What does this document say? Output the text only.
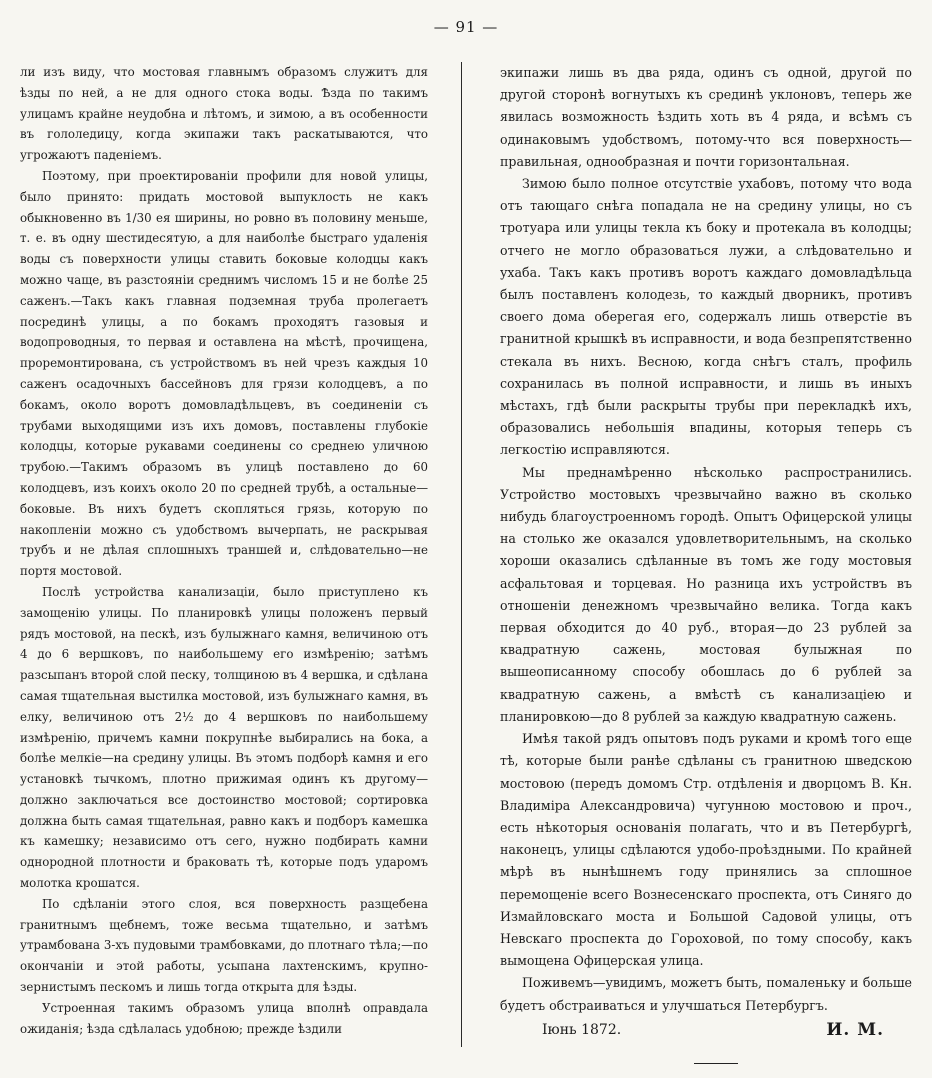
— 91 —

ли изъ виду, что мостовая главнымъ образомъ служитъ для ѣзды по ней, а не для одного стока воды. Ѣзда по такимъ улицамъ крайне неудобна и лѣтомъ, и зимою, а въ особенности въ гололедицу, когда экипажи такъ раскатываются, что угрожаютъ паденіемъ.

Поэтому, при проектированіи профили для новой улицы, было принято: придать мостовой выпуклость не какъ обыкновенно въ 1/30 ея ширины, но ровно въ половину меньше, т. е. въ одну шестидесятую, а для наиболѣе быстраго удаленія воды съ поверхности улицы ставить боковые колодцы какъ можно чаще, въ разстояніи среднимъ числомъ 15 и не болѣе 25 саженъ.—Такъ какъ главная подземная труба пролегаетъ посрединѣ улицы, а по бокамъ проходятъ газовыя и водопроводныя, то первая и оставлена на мѣстѣ, прочищена, проремонтирована, съ устройствомъ въ ней чрезъ каждыя 10 саженъ осадочныхъ бассейновъ для грязи колодцевъ, а по бокамъ, около воротъ домовладѣльцевъ, въ соединеніи съ трубами выходящими изъ ихъ домовъ, поставлены глубокіе колодцы, которые рукавами соединены со среднею уличною трубою.—Такимъ образомъ въ улицѣ поставлено до 60 колодцевъ, изъ коихъ около 20 по средней трубѣ, а остальные—боковые. Въ нихъ будетъ скопляться грязь, которую по накопленіи можно съ удобствомъ вычерпать, не раскрывая трубъ и не дѣлая сплошныхъ траншей и, слѣдовательно—не портя мостовой.

Послѣ устройства канализаціи, было приступлено къ замощенію улицы. По планировкѣ улицы положенъ первый рядъ мостовой, на пескѣ, изъ булыжнаго камня, величиною отъ 4 до 6 вершковъ, по наибольшему его измѣренію; затѣмъ разсыпанъ второй слой песку, толщиною въ 4 вершка, и сдѣлана самая тщательная выстилка мостовой, изъ булыжнаго камня, въ елку, величиною отъ 2½ до 4 вершковъ по наибольшему измѣренію, причемъ камни покрупнѣе выбирались на бока, а болѣе мелкіе—на средину улицы. Въ этомъ подборѣ камня и его установкѣ тычкомъ, плотно прижимая одинъ къ другому—должно заключаться все достоинство мостовой; сортировка должна быть самая тщательная, равно какъ и подборъ камешка къ камешку; независимо отъ сего, нужно подбирать камни однородной плотности и браковать тѣ, которые подъ ударомъ молотка крошатся.

По сдѣланіи этого слоя, вся поверхность разщебена гранитнымъ щебнемъ, тоже весьма тщательно, и затѣмъ утрамбована 3-хъ пудовыми трамбовками, до плотнаго тѣла;—по окончаніи и этой работы, усыпана лахтенскимъ, крупно-зернистымъ пескомъ и лишь тогда открыта для ѣзды.

Устроенная такимъ образомъ улица вполнѣ оправдала ожиданія; ѣзда сдѣлалась удобною; прежде ѣздили

экипажи лишь въ два ряда, одинъ съ одной, другой по другой сторонѣ вогнутыхъ къ срединѣ уклоновъ, теперь же явилась возможность ѣздить хоть въ 4 ряда, и всѣмъ съ одинаковымъ удобствомъ, потому-что вся поверхность—правильная, однообразная и почти горизонтальная.

Зимою было полное отсутствіе ухабовъ, потому что вода отъ тающаго снѣга попадала не на средину улицы, но съ тротуара или улицы текла къ боку и протекала въ колодцы; отчего не могло образоваться лужи, а слѣдовательно и ухаба. Такъ какъ противъ воротъ каждаго домовладѣльца былъ поставленъ колодезь, то каждый дворникъ, противъ своего дома оберегая его, содержалъ лишь отверстіе въ гранитной крышкѣ въ исправности, и вода безпрепятственно стекала въ нихъ. Весною, когда снѣгъ сталъ, профиль сохранилась въ полной исправности, и лишь въ иныхъ мѣстахъ, гдѣ были раскрыты трубы при перекладкѣ ихъ, образовались небольшія впадины, которыя теперь съ легкостію исправляются.

Мы преднамѣренно нѣсколько распространились. Устройство мостовыхъ чрезвычайно важно въ сколько нибудь благоустроенномъ городѣ. Опытъ Офицерской улицы на столько же оказался удовлетворительнымъ, на сколько хороши оказались сдѣланные въ томъ же году мостовыя асфальтовая и торцевая. Но разница ихъ устройствъ въ отношеніи денежномъ чрезвычайно велика. Тогда какъ первая обходится до 40 руб., вторая—до 23 рублей за квадратную сажень, мостовая булыжная по вышеописанному способу обошлась до 6 рублей за квадратную сажень, а вмѣстѣ съ канализаціею и планировкою—до 8 рублей за каждую квадратную сажень.

Имѣя такой рядъ опытовъ подъ руками и кромѣ того еще тѣ, которые были ранѣе сдѣланы съ гранитною шведскою мостовою (передъ домомъ Стр. отдѣленія и дворцомъ В. Кн. Владиміра Александровича) чугунною мостовою и проч., есть нѣкоторыя основанія полагать, что и въ Петербургѣ, наконецъ, улицы сдѣлаются удобо-проѣздными. По крайней мѣрѣ въ нынѣшнемъ году принялись за сплошное перемощеніе всего Вознесенскаго проспекта, отъ Синяго до Измайловскаго моста и Большой Садовой улицы, отъ Невскаго проспекта до Гороховой, по тому способу, какъ вымощена Офицерская улица.

Поживемъ—увидимъ, можетъ быть, помаленьку и больше будетъ обстраиваться и улучшаться Петербургъ.

Іюнь 1872.	И. М.
